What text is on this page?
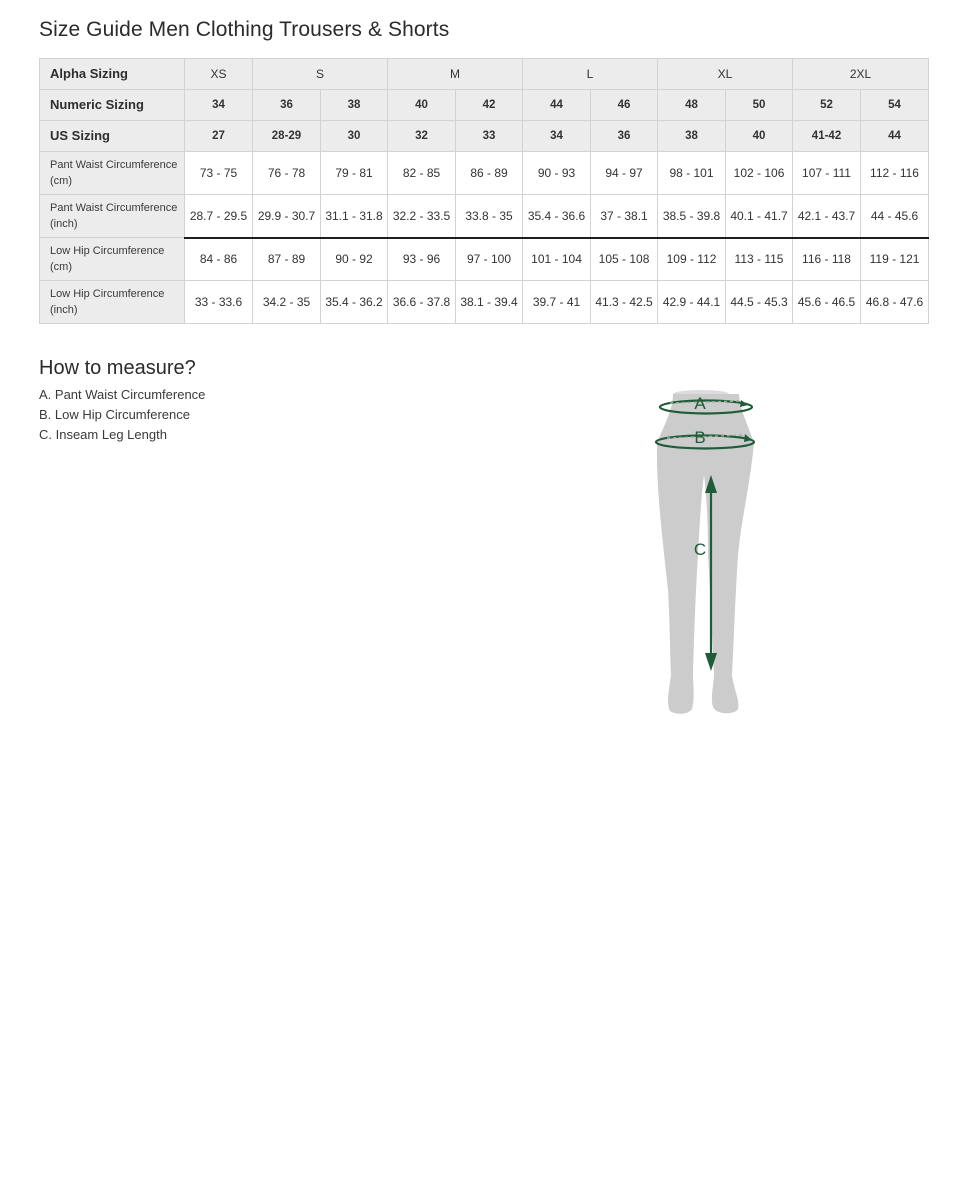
Size Guide Men Clothing Trousers & Shorts
Alpha Sizing	XS	S		M		L		XL		2XL	
Numeric Sizing	34	36	38	40	42	44	46	48	50	52	54
US Sizing	27	28-29	30	32	33	34	36	38	40	41-42	44
Pant Waist Circumference (cm)	73 - 75	76 - 78	79 - 81	82 - 85	86 - 89	90 - 93	94 - 97	98 - 101	102 - 106	107 - 111	112 - 116
Pant Waist Circumference (inch)	28.7 - 29.5	29.9 - 30.7	31.1 - 31.8	32.2 - 33.5	33.8 - 35	35.4 - 36.6	37 - 38.1	38.5 - 39.8	40.1 - 41.7	42.1 - 43.7	44 - 45.6
Low Hip Circumference (cm)	84 - 86	87 - 89	90 - 92	93 - 96	97 - 100	101 - 104	105 - 108	109 - 112	113 - 115	116 - 118	119 - 121
Low Hip Circumference (inch)	33 - 33.6	34.2 - 35	35.4 - 36.2	36.6 - 37.8	38.1 - 39.4	39.7 - 41	41.3 - 42.5	42.9 - 44.1	44.5 - 45.3	45.6 - 46.5	46.8 - 47.6
How to measure?
A. Pant Waist Circumference
B. Low Hip Circumference
C. Inseam Leg Length
A
B
C
